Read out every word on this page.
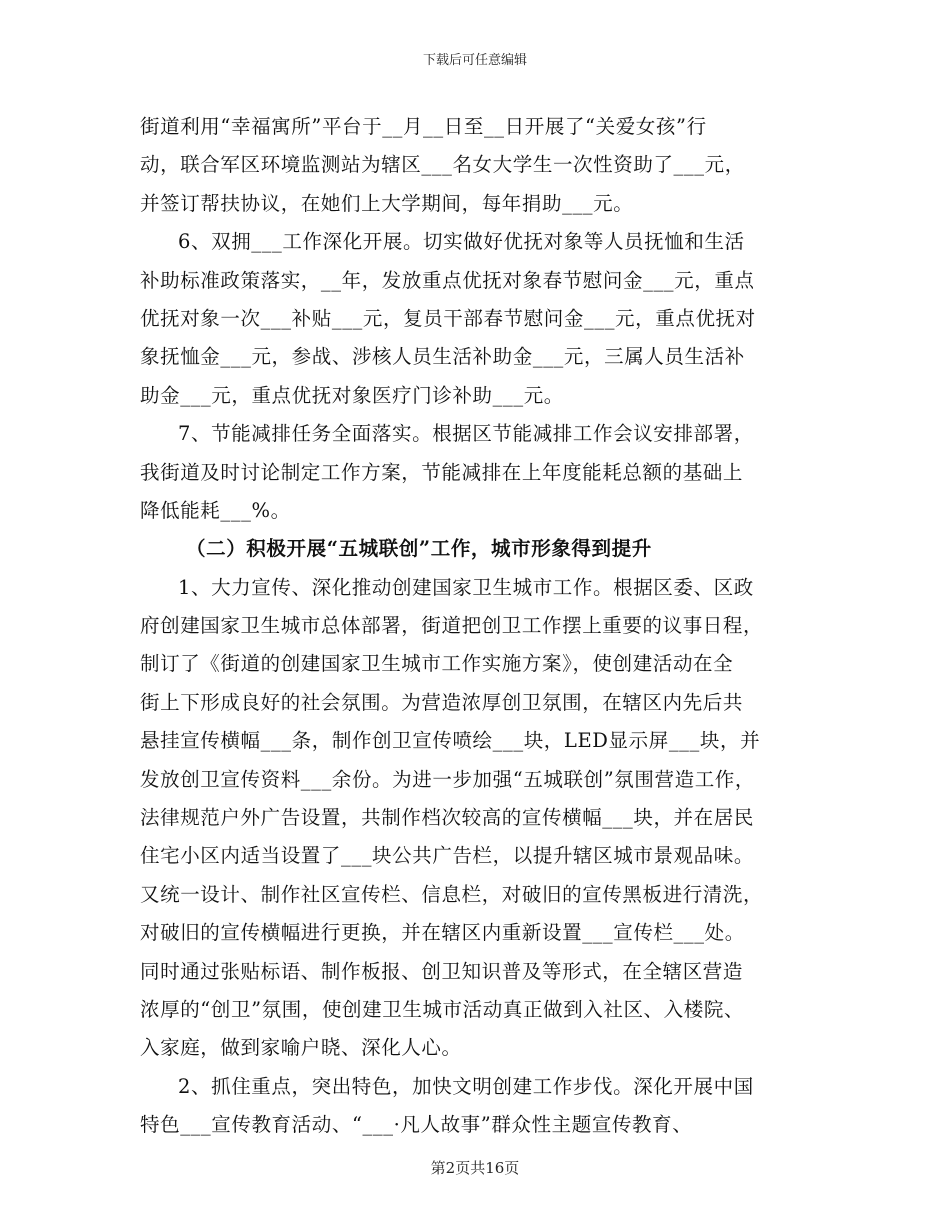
下载后可任意编辑
街道利用“幸福寓所”平台于__月__日至__日开展了“关爱女孩”行
动，联合军区环境监测站为辖区___名女大学生一次性资助了___元，
并签订帮扶协议，在她们上大学期间，每年捐助___元。
6、双拥___工作深化开展。切实做好优抚对象等人员抚恤和生活
补助标准政策落实，__年，发放重点优抚对象春节慰问金___元，重点
优抚对象一次___补贴___元，复员干部春节慰问金___元，重点优抚对
象抚恤金___元，参战、涉核人员生活补助金___元，三属人员生活补
助金___元，重点优抚对象医疗门诊补助___元。
7、节能减排任务全面落实。根据区节能减排工作会议安排部署，
我街道及时讨论制定工作方案，节能减排在上年度能耗总额的基础上
降低能耗___%。
（二）积极开展“五城联创”工作，城市形象得到提升
1、大力宣传、深化推动创建国家卫生城市工作。根据区委、区政
府创建国家卫生城市总体部署，街道把创卫工作摆上重要的议事日程，
制订了《街道的创建国家卫生城市工作实施方案》，使创建活动在全
街上下形成良好的社会氛围。为营造浓厚创卫氛围，在辖区内先后共
悬挂宣传横幅___条，制作创卫宣传喷绘___块，LED显示屏___块，并
发放创卫宣传资料___余份。为进一步加强“五城联创”氛围营造工作，
法律规范户外广告设置，共制作档次较高的宣传横幅___块，并在居民
住宅小区内适当设置了___块公共广告栏，以提升辖区城市景观品味。
又统一设计、制作社区宣传栏、信息栏，对破旧的宣传黑板进行清洗，
对破旧的宣传横幅进行更换，并在辖区内重新设置___宣传栏___处。
同时通过张贴标语、制作板报、创卫知识普及等形式，在全辖区营造
浓厚的“创卫”氛围，使创建卫生城市活动真正做到入社区、入楼院、
入家庭，做到家喻户晓、深化人心。
2、抓住重点，突出特色，加快文明创建工作步伐。深化开展中国
特色___宣传教育活动、“___·凡人故事”群众性主题宣传教育、
第2页共16页
